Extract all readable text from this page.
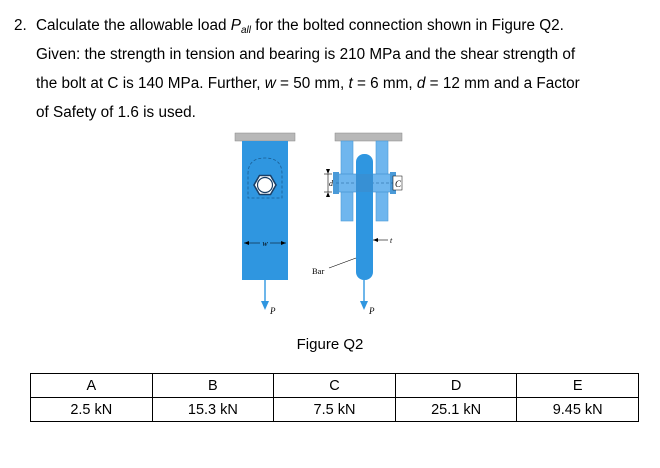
2. Calculate the allowable load $P_{all}$ for the bolted connection shown in Figure Q2.

Given: the strength in tension and bearing is 210 MPa and the shear strength of

the bolt at C is 140 MPa. Further, w = 50 mm, t = 6 mm, d = 12 mm and a Factor

of Safety of 1.6 is used.

w
P
d	C
t
Bar
P
Figure Q2
A	B	C	D	E
2.5 kN	15.3 kN	7.5 kN	25.1 kN	9.45 kN
